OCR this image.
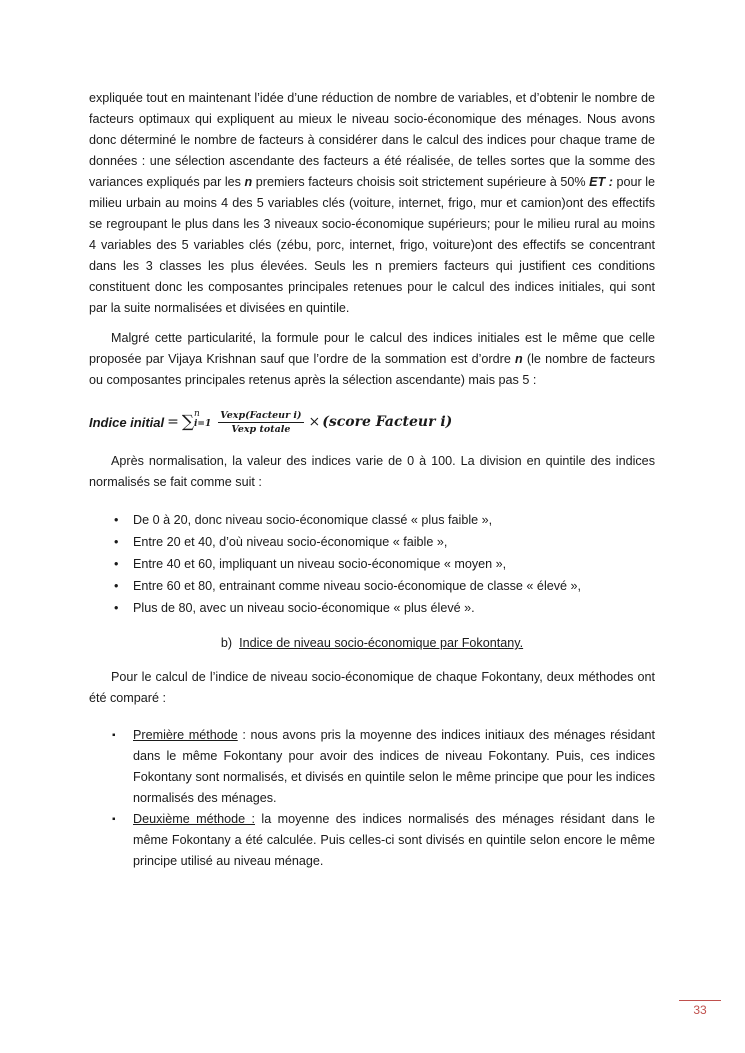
expliquée tout en maintenant l’idée d’une réduction de nombre de variables, et d’obtenir le nombre de facteurs optimaux qui expliquent au mieux le niveau socio-économique des ménages. Nous avons donc déterminé le nombre de facteurs à considérer dans le calcul des indices pour chaque trame de données : une sélection ascendante des facteurs a été réalisée, de telles sortes que la somme des variances expliqués par les n premiers facteurs choisis soit strictement supérieure à 50% ET : pour le milieu urbain au moins 4 des 5 variables clés (voiture, internet, frigo, mur et camion)ont des effectifs se regroupant le plus dans les 3 niveaux socio-économique supérieurs; pour le milieu rural au moins 4 variables des 5 variables clés (zébu, porc, internet, frigo, voiture)ont des effectifs se concentrant dans les 3 classes les plus élevées. Seuls les n premiers facteurs qui justifient ces conditions constituent donc les composantes principales retenues pour le calcul des indices initiales, qui sont par la suite normalisées et divisées en quintile.

Malgré cette particularité, la formule pour le calcul des indices initiales est le même que celle proposée par Vijaya Krishnan sauf que l’ordre de la sommation est d’ordre n (le nombre de facteurs ou composantes principales retenus après la sélection ascendante) mais pas 5 :

Indice initial = ∑ n
$i=1 \frac{\text{Vexp(Facteur i)}}{\text{Vexp totale}}$ × (score Facteur i)

Après normalisation, la valeur des indices varie de 0 à 100. La division en quintile des indices normalisés se fait comme suit :

• De 0 à 20, donc niveau socio-économique classé « plus faible »,
• Entre 20 et 40, d’où niveau socio-économique « faible »,
• Entre 40 et 60, impliquant un niveau socio-économique « moyen »,
• Entre 60 et 80, entrainant comme niveau socio-économique de classe « élevé »,
• Plus de 80, avec un niveau socio-économique « plus élevé ».
b) Indice de niveau socio-économique par Fokontany.

Pour le calcul de l’indice de niveau socio-économique de chaque Fokontany, deux méthodes ont été comparé :

▪ Première méthode : nous avons pris la moyenne des indices initiaux des ménages résidant dans le même Fokontany pour avoir des indices de niveau Fokontany. Puis, ces indices Fokontany sont normalisés, et divisés en quintile selon le même principe que pour les indices normalisés des ménages.
▪ Deuxième méthode : la moyenne des indices normalisés des ménages résidant dans le même Fokontany a été calculée. Puis celles-ci sont divisés en quintile selon encore le même principe utilisé au niveau ménage.
33
